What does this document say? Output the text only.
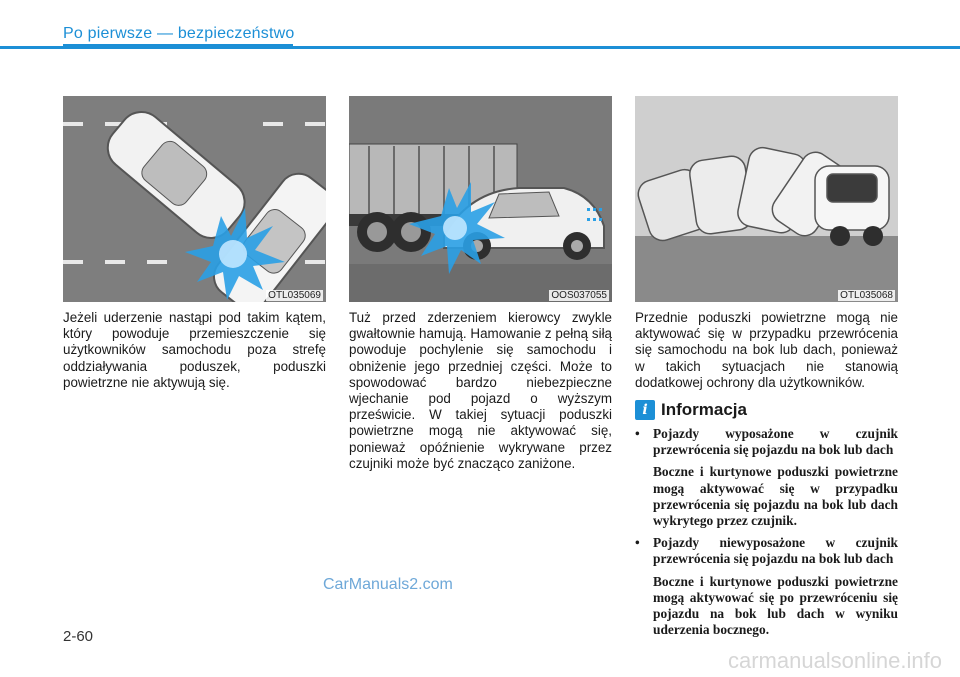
Po pierwsze — bezpieczeństwo
OTL035069	OOS037055	OTL035068
Jeżeli uderzenie nastąpi pod takim kątem, który powoduje przemieszczenie się użytkowników samochodu poza strefę oddziaływania poduszek, poduszki powietrzne nie aktywują się.
Tuż przed zderzeniem kierowcy zwykle gwałtownie hamują. Hamowanie z pełną siłą powoduje pochylenie się samochodu i obniżenie jego przedniej części. Może to spowodować bardzo niebezpieczne wjechanie pod pojazd o wyższym prześwicie. W takiej sytuacji poduszki powietrzne mogą nie aktywować się, ponieważ opóźnienie wykrywane przez czujniki może być znacząco zaniżone.
Przednie poduszki powietrzne mogą nie aktywować się w przypadku przewrócenia się samochodu na bok lub dach, ponieważ w takich sytuacjach nie stanowią dodatkowej ochrony dla użytkowników.
i Informacja
• Pojazdy wyposażone w czujnik przewrócenia się pojazdu na bok lub dach
Boczne i kurtynowe poduszki powietrzne mogą aktywować się w przypadku przewrócenia się pojazdu na bok lub dach wykrytego przez czujnik.
• Pojazdy niewyposażone w czujnik przewrócenia się pojazdu na bok lub dach
Boczne i kurtynowe poduszki powietrzne mogą aktywować się po przewróceniu się pojazdu na bok lub dach w wyniku uderzenia bocznego.
2-60
CarManuals2.com
carmanualsonline.info
